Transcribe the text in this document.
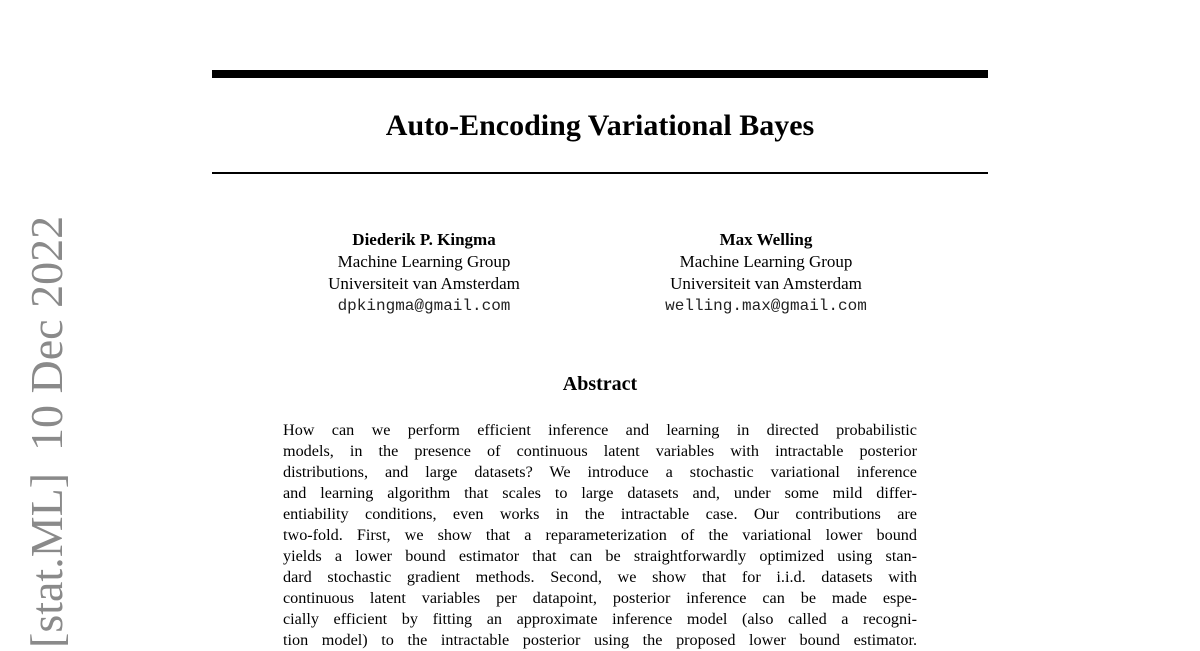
[stat.ML]10 Dec 2022
Auto-Encoding Variational Bayes
Diederik P. Kingma
Machine Learning Group
Universiteit van Amsterdam
dpkingma@gmail.com
Max Welling
Machine Learning Group
Universiteit van Amsterdam
welling.max@gmail.com
Abstract
How can we perform efficient inference and learning in directed probabilistic
models, in the presence of continuous latent variables with intractable posterior
distributions, and large datasets? We introduce a stochastic variational inference
and learning algorithm that scales to large datasets and, under some mild differ-
entiability conditions, even works in the intractable case. Our contributions are
two-fold. First, we show that a reparameterization of the variational lower bound
yields a lower bound estimator that can be straightforwardly optimized using stan-
dard stochastic gradient methods. Second, we show that for i.i.d. datasets with
continuous latent variables per datapoint, posterior inference can be made espe-
cially efficient by fitting an approximate inference model (also called a recogni-
tion model) to the intractable posterior using the proposed lower bound estimator.
